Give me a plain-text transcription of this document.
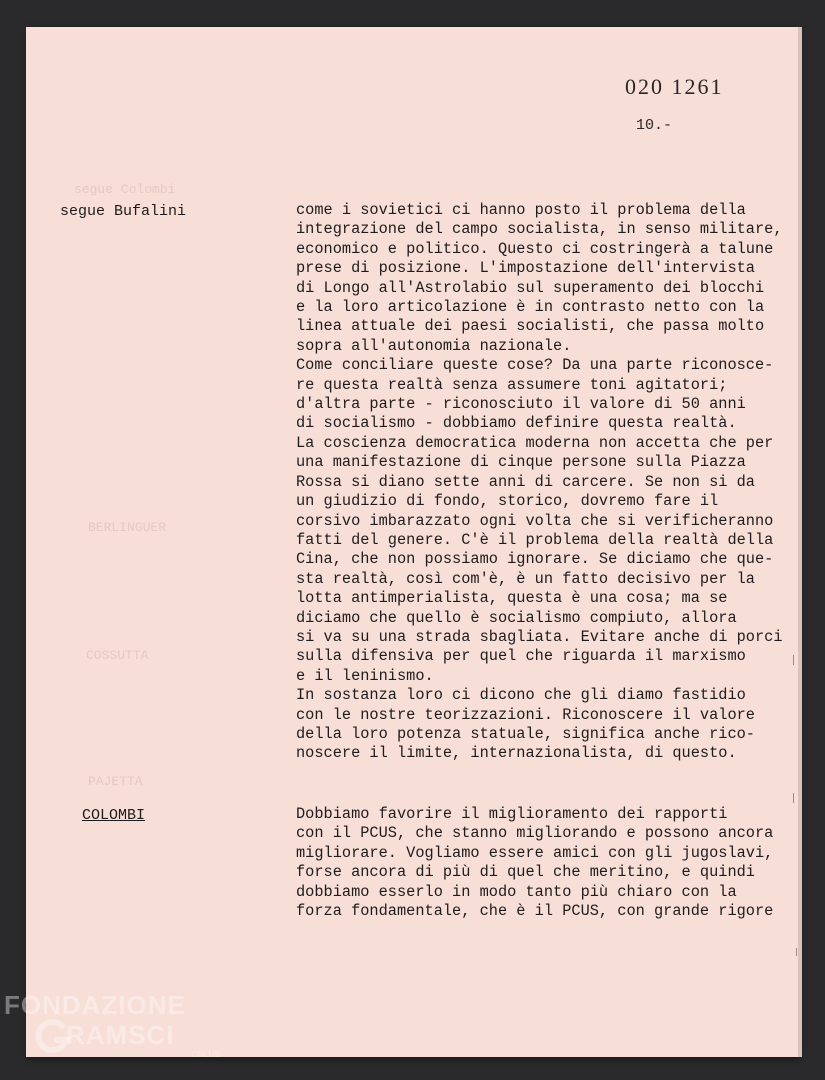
020 1261
10.-
segue Colombi
BERLINGUER
COSSUTTA
PAJETTA
segue Bufalini	come i sovietici ci hanno posto il problema della
integrazione del campo socialista, in senso militare,
economico e politico. Questo ci costringerà a talune
prese di posizione. L'impostazione dell'intervista
di Longo all'Astrolabio sul superamento dei blocchi
e la loro articolazione è in contrasto netto con la
linea attuale dei paesi socialisti, che passa molto
sopra all'autonomia nazionale.
Come conciliare queste cose? Da una parte riconosce-
re questa realtà senza assumere toni agitatori;
d'altra parte - riconosciuto il valore di 50 anni
di socialismo - dobbiamo definire questa realtà.
La coscienza democratica moderna non accetta che per
una manifestazione di cinque persone sulla Piazza
Rossa si diano sette anni di carcere. Se non si da
un giudizio di fondo, storico, dovremo fare il
corsivo imbarazzato ogni volta che si verificheranno
fatti del genere. C'è il problema della realtà della
Cina, che non possiamo ignorare. Se diciamo che que-
sta realtà, così com'è, è un fatto decisivo per la
lotta antimperialista, questa è una cosa; ma se
diciamo che quello è socialismo compiuto, allora
si va su una strada sbagliata. Evitare anche di porci
sulla difensiva per quel che riguarda il marxismo
e il leninismo.
In sostanza loro ci dicono che gli diamo fastidio
con le nostre teorizzazioni. Riconoscere il valore
della loro potenza statuale, significa anche rico-
noscere il limite, internazionalista, di questo.
COLOMBI	Dobbiamo favorire il miglioramento dei rapporti
con il PCUS, che stanno migliorando e possono ancora
migliorare. Vogliamo essere amici con gli jugoslavi,
forse ancora di più di quel che meritino, e quindi
dobbiamo esserlo in modo tanto più chiaro con la
forza fondamentale, che è il PCUS, con grande rigore
FONDAZIONE
RAMSCI
ONLUS
